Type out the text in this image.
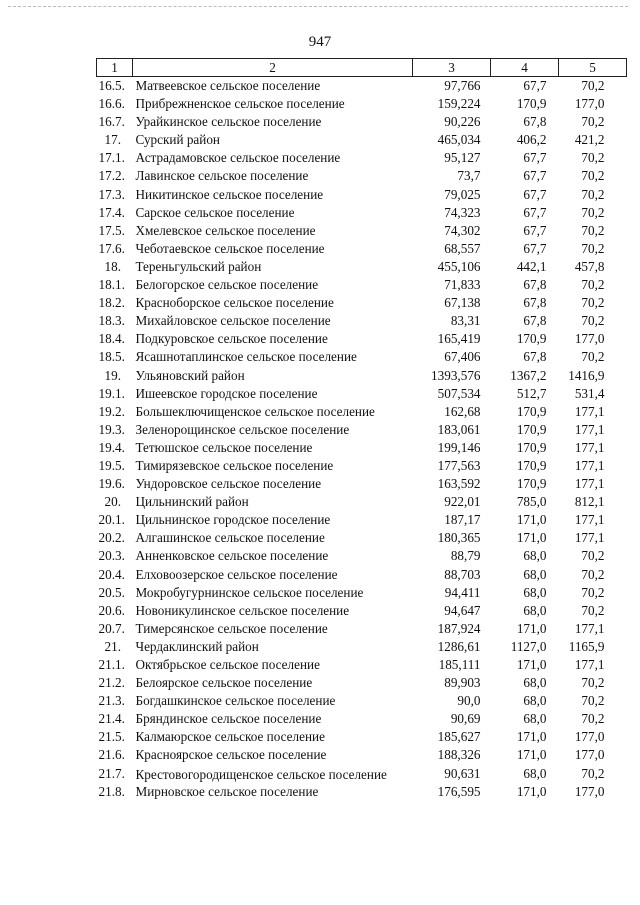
947
1	2	3	4	5
16.5.	Матвеевское сельское поселение	97,766	67,7	70,2
16.6.	Прибрежненское сельское поселение	159,224	170,9	177,0
16.7.	Урайкинское сельское поселение	90,226	67,8	70,2
17.	Сурский район	465,034	406,2	421,2
17.1.	Астрадамовское сельское поселение	95,127	67,7	70,2
17.2.	Лавинское сельское поселение	73,7	67,7	70,2
17.3.	Никитинское сельское поселение	79,025	67,7	70,2
17.4.	Сарское сельское поселение	74,323	67,7	70,2
17.5.	Хмелевское сельское поселение	74,302	67,7	70,2
17.6.	Чеботаевское сельское поселение	68,557	67,7	70,2
18.	Тереньгульский район	455,106	442,1	457,8
18.1.	Белогорское сельское поселение	71,833	67,8	70,2
18.2.	Красноборское сельское поселение	67,138	67,8	70,2
18.3.	Михайловское сельское поселение	83,31	67,8	70,2
18.4.	Подкуровское сельское поселение	165,419	170,9	177,0
18.5.	Ясашнотаплинское сельское поселение	67,406	67,8	70,2
19.	Ульяновский район	1393,576	1367,2	1416,9
19.1.	Ишеевское городское поселение	507,534	512,7	531,4
19.2.	Большеключищенское сельское поселение	162,68	170,9	177,1
19.3.	Зеленорощинское сельское поселение	183,061	170,9	177,1
19.4.	Тетюшское сельское поселение	199,146	170,9	177,1
19.5.	Тимирязевское сельское поселение	177,563	170,9	177,1
19.6.	Ундоровское сельское поселение	163,592	170,9	177,1
20.	Цильнинский район	922,01	785,0	812,1
20.1.	Цильнинское городское поселение	187,17	171,0	177,1
20.2.	Алгашинское сельское поселение	180,365	171,0	177,1
20.3.	Анненковское сельское поселение	88,79	68,0	70,2
20.4.	Елховоозерское сельское поселение	88,703	68,0	70,2
20.5.	Мокробугурнинское сельское поселение	94,411	68,0	70,2
20.6.	Новоникулинское сельское поселение	94,647	68,0	70,2
20.7.	Тимерсянское сельское поселение	187,924	171,0	177,1
21.	Чердаклинский район	1286,61	1127,0	1165,9
21.1.	Октябрьское сельское поселение	185,111	171,0	177,1
21.2.	Белоярское сельское поселение	89,903	68,0	70,2
21.3.	Богдашкинское сельское поселение	90,0	68,0	70,2
21.4.	Бряндинское сельское поселение	90,69	68,0	70,2
21.5.	Калмаюрское сельское поселение	185,627	171,0	177,0
21.6.	Красноярское сельское поселение	188,326	171,0	177,0
21.7.	Крестовогородищенское сельское поселение	90,631	68,0	70,2
21.8.	Мирновское сельское поселение	176,595	171,0	177,0
